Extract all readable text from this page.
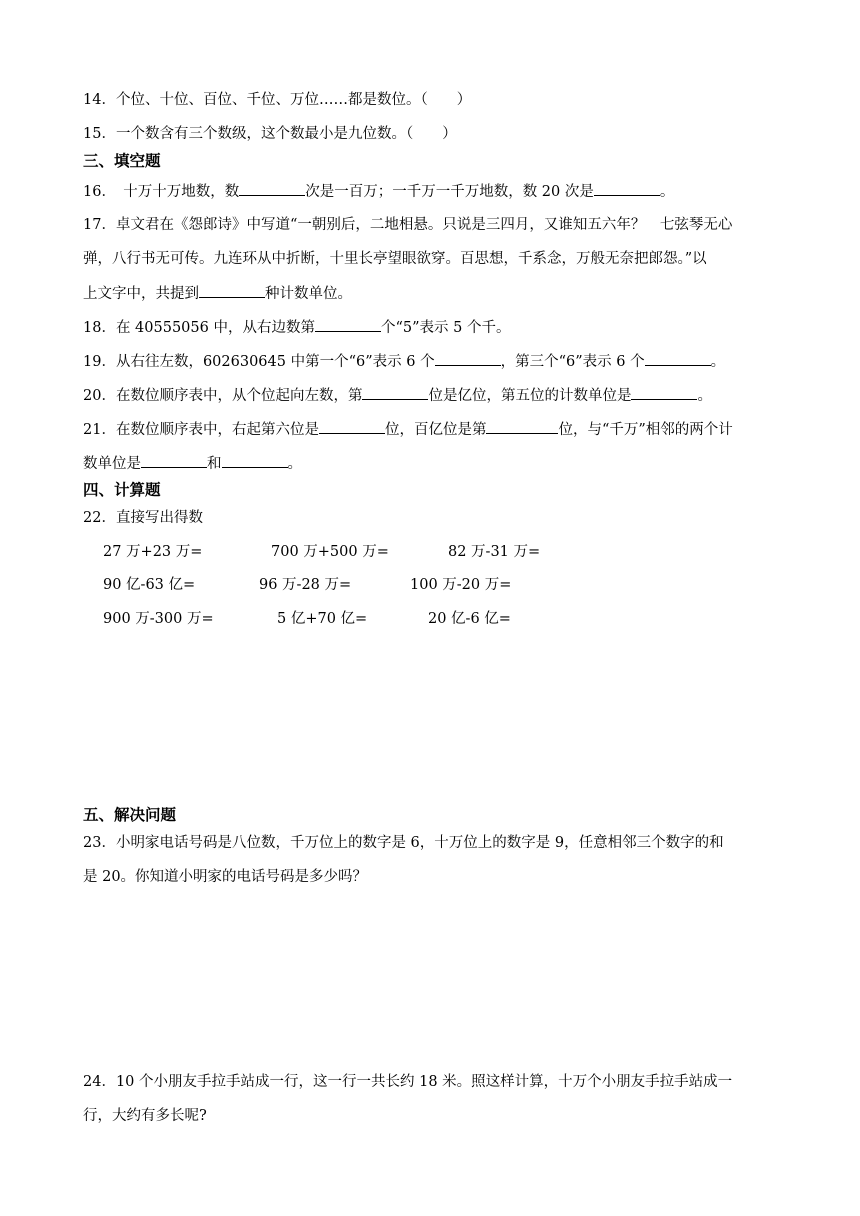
14．个位、十位、百位、千位、万位……都是数位。（　　）
15．一个数含有三个数级，这个数最小是九位数。（　　）
三、填空题
16．　十万十万地数，数	次是一百万；一千万一千万地数，数 20 次是	。
17．卓文君在《怨郎诗》中写道“一朝别后，二地相悬。只说是三四月，又谁知五六年？　七弦琴无心
弹，八行书无可传。九连环从中折断，十里长亭望眼欲穿。百思想，千系念，万般无奈把郎怨。”以
上文字中，共提到	种计数单位。
18．在 40555056 中，从右边数第	个“5”表示 5 个千。
19．从右往左数，602630645 中第一个“6”表示 6 个	，第三个“6”表示 6 个	。
20．在数位顺序表中，从个位起向左数，第	位是亿位，第五位的计数单位是	。
21．在数位顺序表中，右起第六位是	位，百亿位是第	位，与“千万”相邻的两个计
数单位是	和	。
四、计算题
22．直接写出得数
27 万+23 万=	700 万+500 万=	82 万-31 万=
90 亿-63 亿=	96 万-28 万=	100 万-20 万=
900 万-300 万=	5 亿+70 亿=	20 亿-6 亿=
五、解决问题
23．小明家电话号码是八位数，千万位上的数字是 6，十万位上的数字是 9，任意相邻三个数字的和
是 20。你知道小明家的电话号码是多少吗？
24．10 个小朋友手拉手站成一行，这一行一共长约 18 米。照这样计算，十万个小朋友手拉手站成一
行，大约有多长呢?
